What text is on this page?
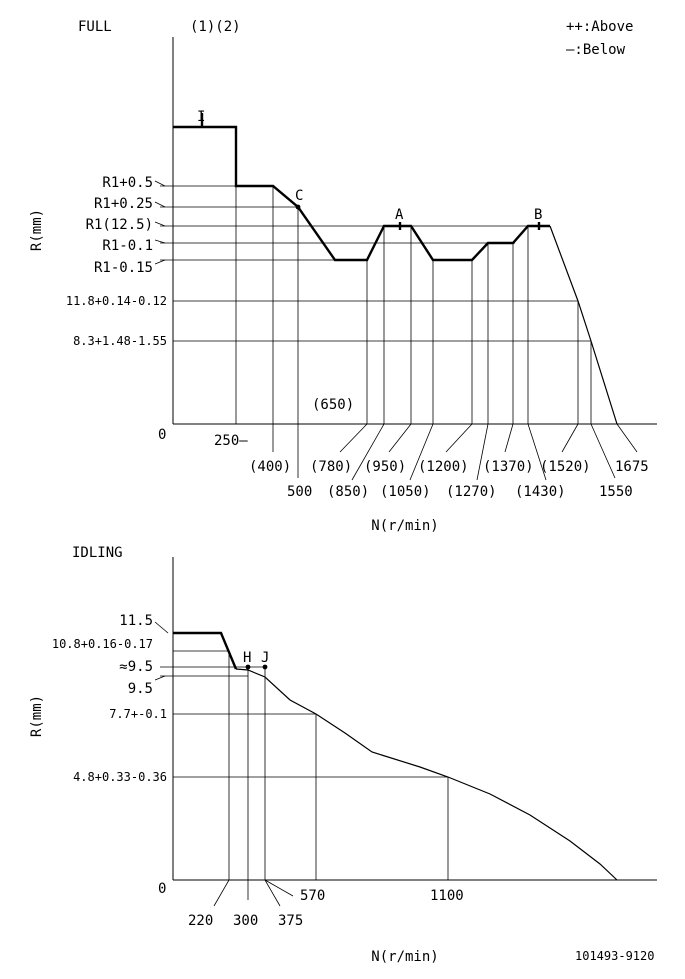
FULL	(1)(2)	++:Above
—:Below
I
C
A	B
R1+0.5
R1+0.25
R1(12.5)
R1-0.1
R1-0.15
11.8+0.14-0.12
8.3+1.48-1.55
0
R(mm)
250—
(400)
500
(650)
(780)
(850)
(950)
(1050)
(1200)
(1270)
(1370)
(1430)
(1520)
1550
1675
N(r/min)
IDLING
H J
11.5
10.8+0.16-0.17
≈9.5
9.5
7.7+-0.1
4.8+0.33-0.36
0
R(mm)
220 300 375
570	1100
N(r/min)	101493-9120
